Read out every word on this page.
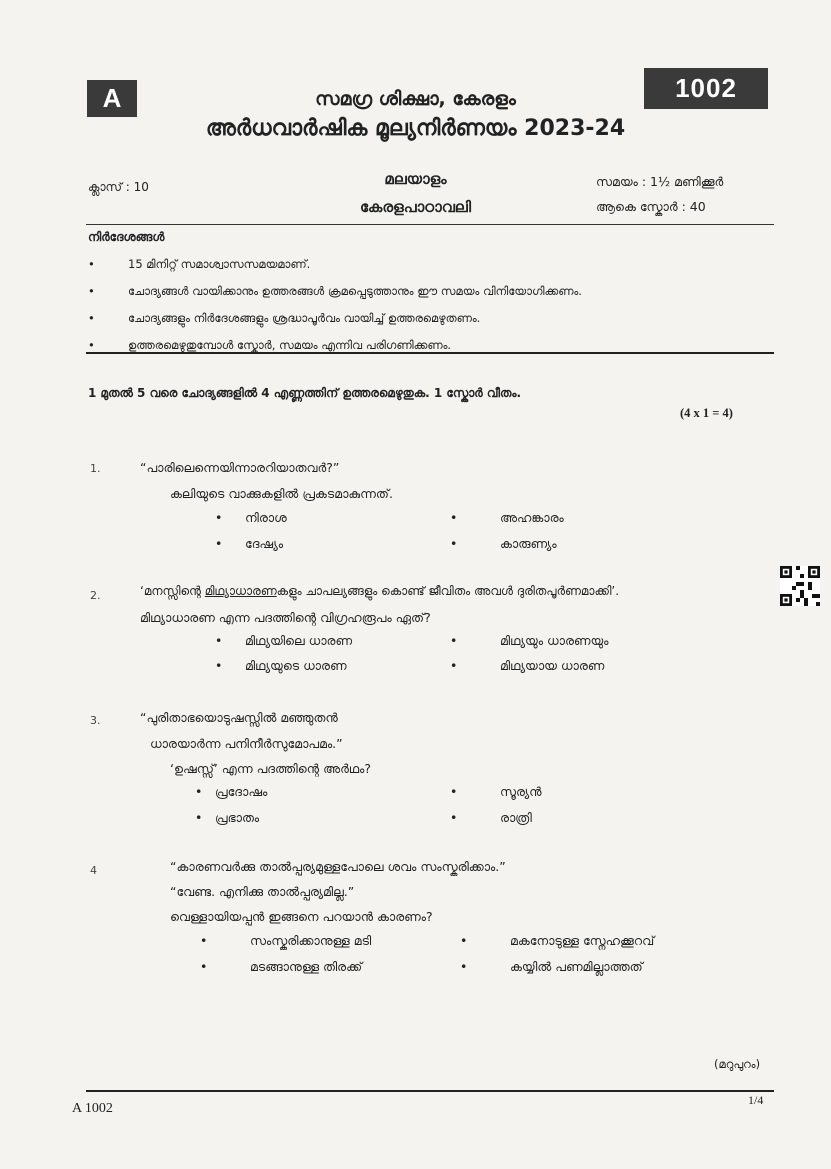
A	1002
സമഗ്ര ശിക്ഷാ, കേരളം
അർധവാർഷിക മൂല്യനിർണയം 2023-24
ക്ലാസ് : 10	മലയാളം
കേരളപാഠാവലി
സമയം : 1½ മണിക്കൂർ
ആകെ സ്കോർ : 40
നിർദേശങ്ങൾ
•	15 മിനിറ്റ് സമാശ്വാസസമയമാണ്.
•	ചോദ്യങ്ങൾ വായിക്കാനും ഉത്തരങ്ങൾ ക്രമപ്പെടുത്താനും ഈ സമയം വിനിയോഗിക്കണം.
•	ചോദ്യങ്ങളും നിർദേശങ്ങളും ശ്രദ്ധാപൂർവം വായിച്ച് ഉത്തരമെഴുതണം.
•	ഉത്തരമെഴുതുമ്പോൾ സ്കോർ, സമയം എന്നിവ പരിഗണിക്കണം.
1 മുതൽ 5 വരെ ചോദ്യങ്ങളിൽ 4 എണ്ണത്തിന് ഉത്തരമെഴുതുക. 1 സ്കോർ വീതം.
(4 x 1 = 4)
1.	“പാരിലെന്നെയിന്നാരറിയാതവർ?”
കലിയുടെ വാക്കുകളിൽ പ്രകടമാകുന്നത്.
• നിരാശ	•	അഹങ്കാരം
• ദേഷ്യം	•	കാരുണ്യം
2.	‘മനസ്സിന്റെ മിഥ്യാധാരണകളും ചാപല്യങ്ങളും കൊണ്ട് ജീവിതം അവൾ ദുരിതപൂർണമാക്കി’.
മിഥ്യാധാരണ എന്ന പദത്തിന്റെ വിഗ്രഹരൂപം ഏത്?
• മിഥ്യയിലെ ധാരണ	•	മിഥ്യയും ധാരണയും
• മിഥ്യയുടെ ധാരണ	•	മിഥ്യയായ ധാരണ
3.	“പുരിതാഭയൊടുഷസ്സിൽ മഞ്ഞുതൻ
ധാരയാർന്ന പനിനീർസുമോപമം.”
‘ഉഷസ്സ്’ എന്ന പദത്തിന്റെ അർഥം?
• പ്രദോഷം	•	സൂര്യൻ
• പ്രഭാതം	•	രാത്രി
4	“കാരണവർക്കു താൽപ്പര്യമുള്ളപോലെ ശവം സംസ്കരിക്കാം.”
“വേണ്ട. എനിക്കു താൽപ്പര്യമില്ല.”
വെള്ളായിയപ്പൻ ഇങ്ങനെ പറയാൻ കാരണം?
•	സംസ്കരിക്കാനുള്ള മടി	•	മകനോടുള്ള സ്നേഹക്കൂറവ്
•	മടങ്ങാനുള്ള തിരക്ക്	•	കയ്യിൽ പണമില്ലാത്തത്
(മറുപുറം)
A 1002
1/4
